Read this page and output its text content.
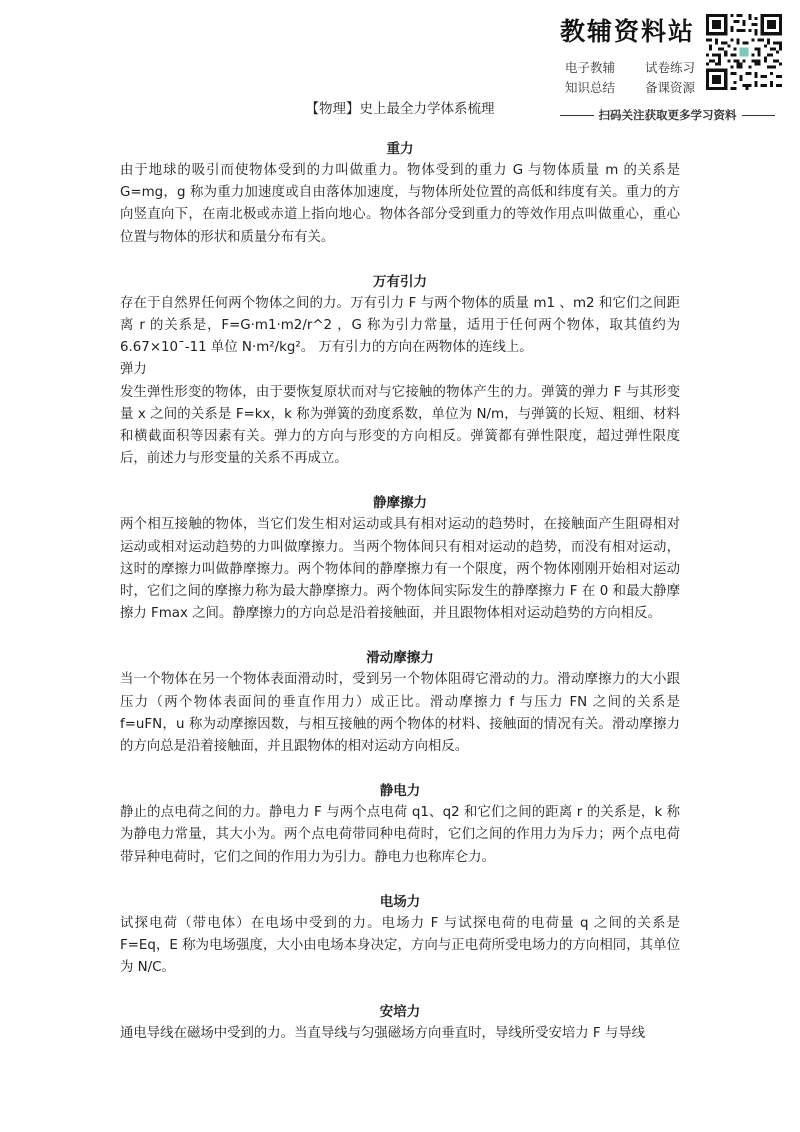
教辅资料站
电子教辅 试卷练习
知识总结 备课资源
扫码关注获取更多学习资料
【物理】史上最全力学体系梳理

重力

由于地球的吸引而使物体受到的力叫做重力。物体受到的重力 G 与物体质量 m 的关系是 G=mg，g 称为重力加速度或自由落体加速度，与物体所处位置的高低和纬度有关。重力的方向竖直向下，在南北极或赤道上指向地心。物体各部分受到重力的等效作用点叫做重心，重心位置与物体的形状和质量分布有关。

万有引力

存在于自然界任何两个物体之间的力。万有引力 F 与两个物体的质量 m1 、m2 和它们之间距离 r 的关系是，F=G·m1·m2/r^2 ，G 称为引力常量，适用于任何两个物体，取其值约为 6.67×10ˉ-11 单位 N·m²/kg²。 万有引力的方向在两物体的连线上。

弹力

发生弹性形变的物体，由于要恢复原状而对与它接触的物体产生的力。弹簧的弹力 F 与其形变量 x 之间的关系是 F=kx，k 称为弹簧的劲度系数，单位为 N/m，与弹簧的长短、粗细、材料和横截面积等因素有关。弹力的方向与形变的方向相反。弹簧都有弹性限度，超过弹性限度后，前述力与形变量的关系不再成立。

静摩擦力

两个相互接触的物体，当它们发生相对运动或具有相对运动的趋势时，在接触面产生阻碍相对运动或相对运动趋势的力叫做摩擦力。当两个物体间只有相对运动的趋势，而没有相对运动，这时的摩擦力叫做静摩擦力。两个物体间的静摩擦力有一个限度，两个物体刚刚开始相对运动时，它们之间的摩擦力称为最大静摩擦力。两个物体间实际发生的静摩擦力 F 在 0 和最大静摩擦力 Fmax 之间。静摩擦力的方向总是沿着接触面，并且跟物体相对运动趋势的方向相反。

滑动摩擦力

当一个物体在另一个物体表面滑动时，受到另一个物体阻碍它滑动的力。滑动摩擦力的大小跟压力（两个物体表面间的垂直作用力）成正比。滑动摩擦力 f 与压力 FN 之间的关系是 f=uFN，u 称为动摩擦因数，与相互接触的两个物体的材料、接触面的情况有关。滑动摩擦力的方向总是沿着接触面，并且跟物体的相对运动方向相反。

静电力

静止的点电荷之间的力。静电力 F 与两个点电荷 q1、q2 和它们之间的距离 r 的关系是，k 称为静电力常量，其大小为。两个点电荷带同种电荷时，它们之间的作用力为斥力；两个点电荷带异种电荷时，它们之间的作用力为引力。静电力也称库仑力。

电场力

试探电荷（带电体）在电场中受到的力。电场力 F 与试探电荷的电荷量 q 之间的关系是 F=Eq，E 称为电场强度，大小由电场本身决定，方向与正电荷所受电场力的方向相同，其单位为 N/C。

安培力

通电导线在磁场中受到的力。当直导线与匀强磁场方向垂直时，导线所受安培力 F 与导线
